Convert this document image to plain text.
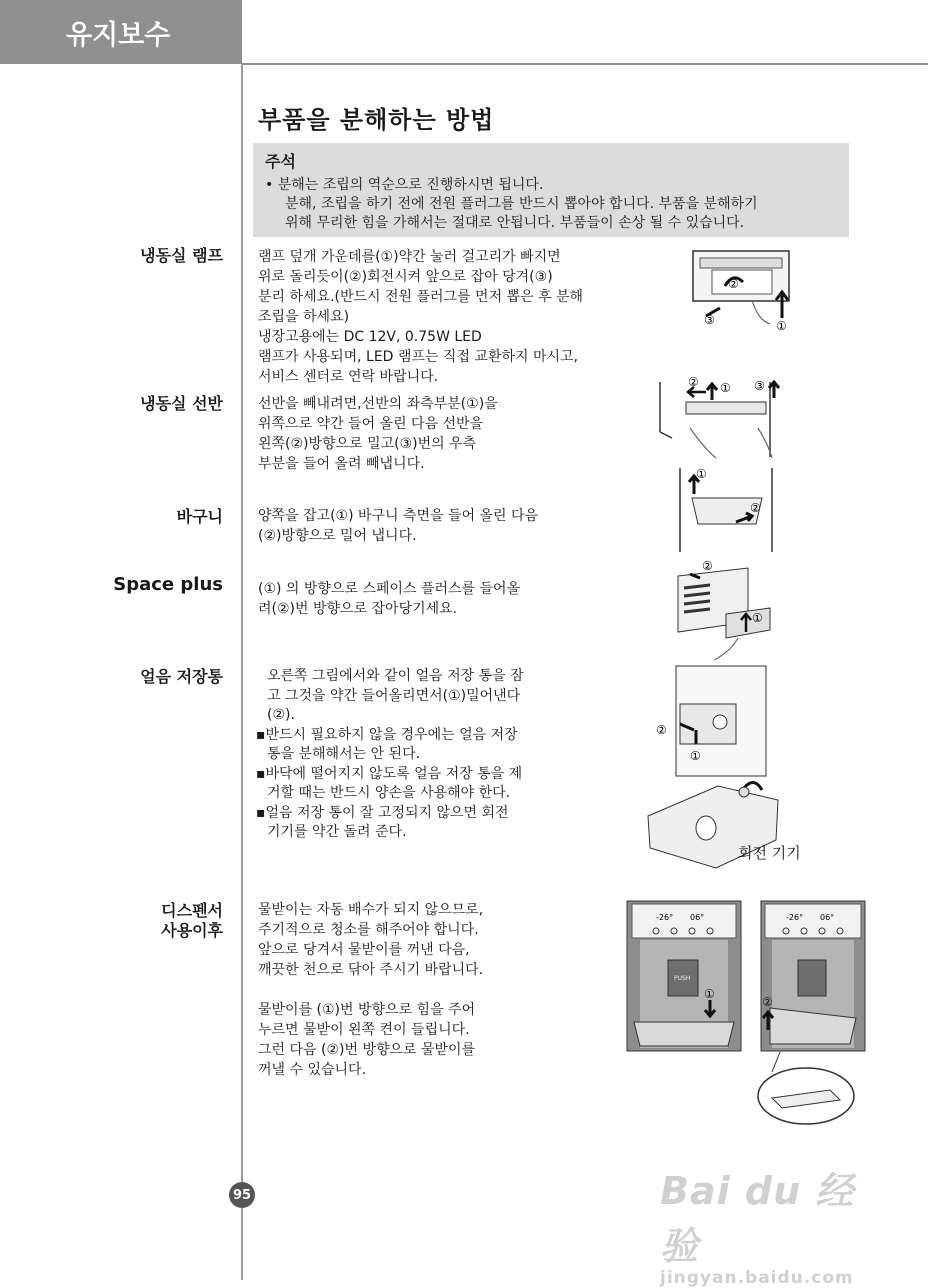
유지보수
부품을 분해하는 방법
주석
• 분해는 조립의 역순으로 진행하시면 됩니다.
분해, 조립을 하기 전에 전원 플러그를 반드시 뽑아야 합니다. 부품을 분해하기
위해 무리한 힘을 가해서는 절대로 안됩니다. 부품들이 손상 될 수 있습니다.
냉동실 램프	램프 덮개 가운데를(①)약간 눌러 걸고리가 빠지면
위로 돌리듯이(②)회전시켜 앞으로 잡아 당겨(③)
분리 하세요.(반드시 전원 플러그를 먼저 뽑은 후 분해
조립을 하세요)
냉장고용에는 DC 12V, 0.75W LED
램프가 사용되며, LED 램프는 직접 교환하지 마시고,
서비스 센터로 연락 바랍니다.
②
③	①
냉동실 선반	선반을 빼내려면,선반의 좌측부분(①)을
위쪽으로 약간 들어 올린 다음 선반을
왼쪽(②)방향으로 밀고(③)번의 우측
부분을 들어 올려 빼냅니다.
② ① ③
바구니	양쪽을 잡고(①) 바구니 측면을 들어 올린 다음
(②)방향으로 밀어 냅니다.
①
②
Space plus	(①) 의 방향으로 스페이스 플러스를 들어올
려(②)번 방향으로 잡아당기세요.
②
①
얼음 저장통	오른쪽 그림에서와 같이 얼음 저장 통을 잠
고 그것을 약간 들어올리면서(①)밀어낸다
(②).
▪반드시 필요하지 않을 경우에는 얼음 저장
통을 분해해서는 안 된다.
▪바닥에 떨어지지 않도록 얼음 저장 통을 제
거할 때는 반드시 양손을 사용해야 한다.
▪얼음 저장 통이 잘 고정되지 않으면 회전
기기를 약간 돌려 준다.
②
①
회전 기기
디스펜서
사용이후
물받이는 자동 배수가 되지 않으므로,
주기적으로 청소를 해주어야 합니다.
앞으로 당겨서 물받이를 꺼낸 다음,
깨끗한 천으로 닦아 주시기 바랍니다.

물받이를 (①)번 방향으로 힘을 주어
누르면 물받이 왼쪽 켠이 들립니다.
그런 다음 (②)번 방향으로 물받이를
꺼낼 수 있습니다.
-26° 06°
PUSH
①
-26° 06°
②
95	Bai du 经验
jingyan.baidu.com
